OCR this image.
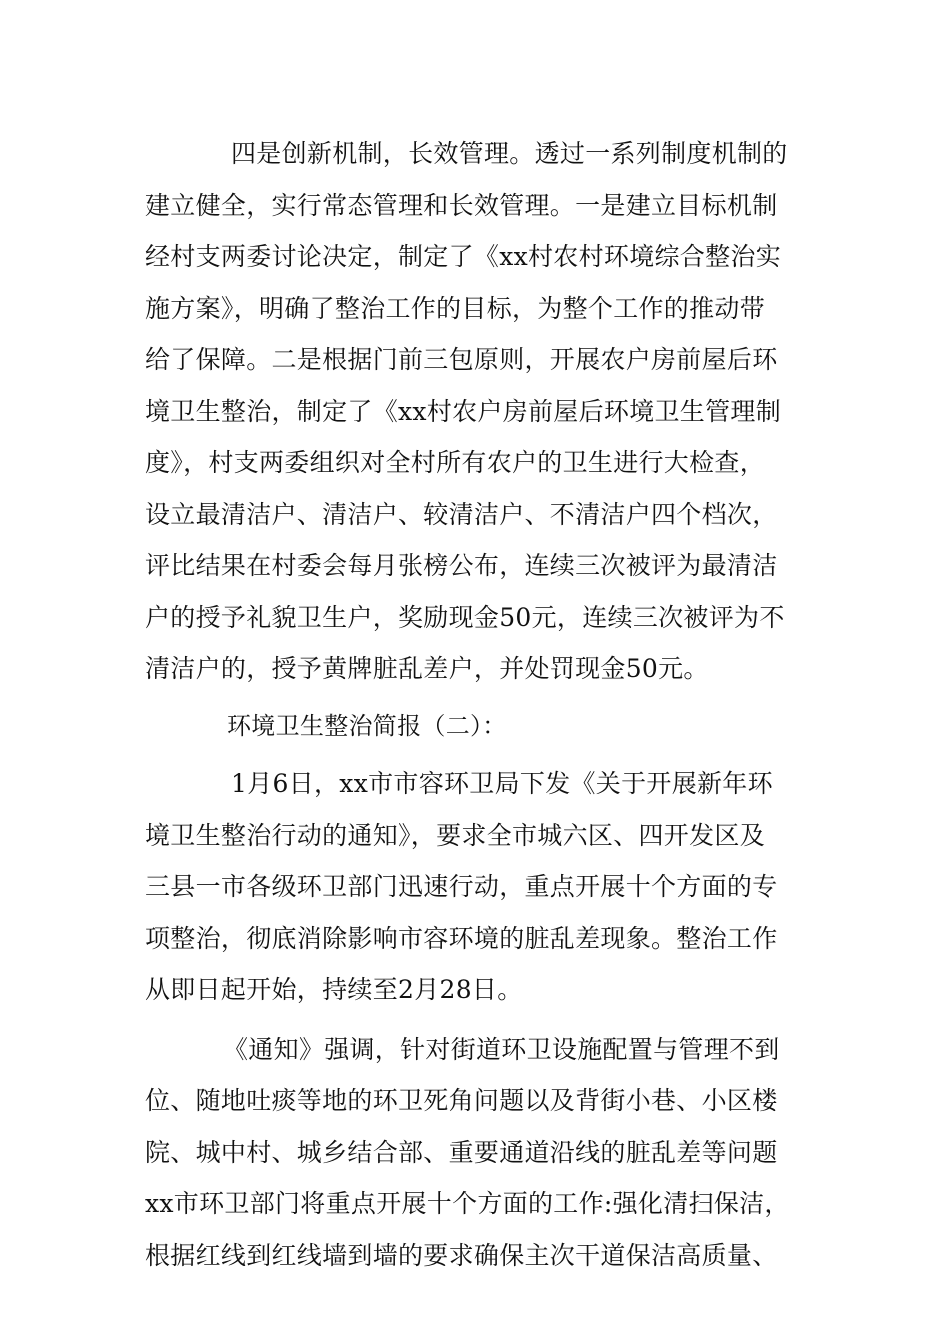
四是创新机制，长效管理。透过一系列制度机制的
建立健全，实行常态管理和长效管理。一是建立目标机制
经村支两委讨论决定，制定了《xx村农村环境综合整治实
施方案》，明确了整治工作的目标，为整个工作的推动带
给了保障。二是根据门前三包原则，开展农户房前屋后环
境卫生整治，制定了《xx村农户房前屋后环境卫生管理制
度》，村支两委组织对全村所有农户的卫生进行大检查，
设立最清洁户、清洁户、较清洁户、不清洁户四个档次，
评比结果在村委会每月张榜公布，连续三次被评为最清洁
户的授予礼貌卫生户，奖励现金50元，连续三次被评为不
清洁户的，授予黄牌脏乱差户，并处罚现金50元。
环境卫生整治简报（二）：
1月6日，xx市市容环卫局下发《关于开展新年环
境卫生整治行动的通知》，要求全市城六区、四开发区及
三县一市各级环卫部门迅速行动，重点开展十个方面的专
项整治，彻底消除影响市容环境的脏乱差现象。整治工作
从即日起开始，持续至2月28日。
《通知》强调，针对街道环卫设施配置与管理不到
位、随地吐痰等地的环卫死角问题以及背街小巷、小区楼
院、城中村、城乡结合部、重要通道沿线的脏乱差等问题
xx市环卫部门将重点开展十个方面的工作:强化清扫保洁，
根据红线到红线墙到墙的要求确保主次干道保洁高质量、
